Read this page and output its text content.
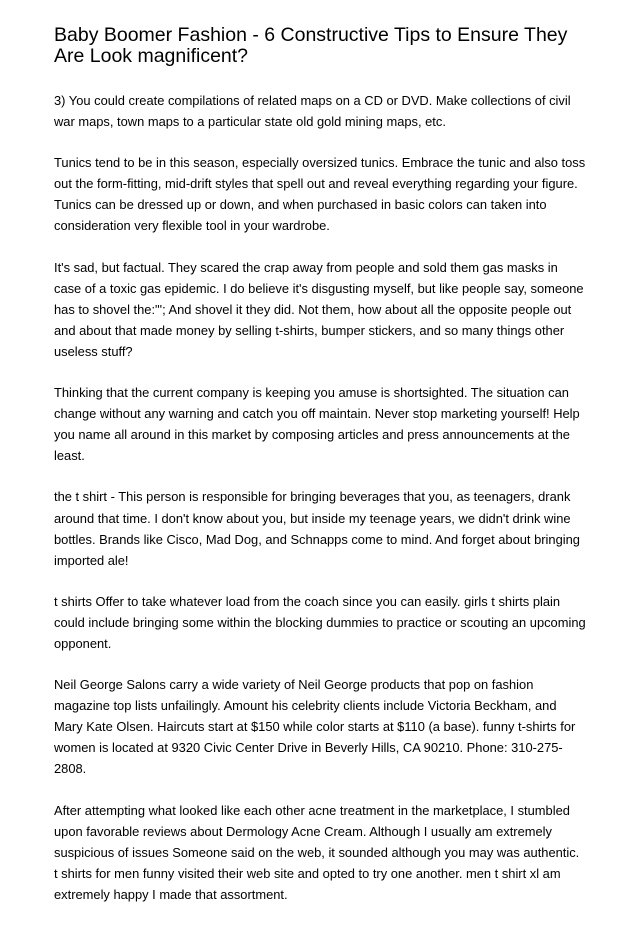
Baby Boomer Fashion - 6 Constructive Tips to Ensure They
Are Look magnificent?

3) You could create compilations of related maps on a CD or DVD. Make collections of civil
war maps, town maps to a particular state old gold mining maps, etc.

Tunics tend to be in this season, especially oversized tunics. Embrace the tunic and also toss
out the form-fitting, mid-drift styles that spell out and reveal everything regarding your figure.
Tunics can be dressed up or down, and when purchased in basic colors can taken into
consideration very flexible tool in your wardrobe.

It's sad, but factual. They scared the crap away from people and sold them gas masks in
case of a toxic gas epidemic. I do believe it's disgusting myself, but like people say, someone
has to shovel the:"'; And shovel it they did. Not them, how about all the opposite people out
and about that made money by selling t-shirts, bumper stickers, and so many things other
useless stuff?

Thinking that the current company is keeping you amuse is shortsighted. The situation can
change without any warning and catch you off maintain. Never stop marketing yourself! Help
you name all around in this market by composing articles and press announcements at the
least.

the t shirt - This person is responsible for bringing beverages that you, as teenagers, drank
around that time. I don't know about you, but inside my teenage years, we didn't drink wine
bottles. Brands like Cisco, Mad Dog, and Schnapps come to mind. And forget about bringing
imported ale!

t shirts Offer to take whatever load from the coach since you can easily. girls t shirts plain
could include bringing some within the blocking dummies to practice or scouting an upcoming
opponent.

Neil George Salons carry a wide variety of Neil George products that pop on fashion
magazine top lists unfailingly. Amount his celebrity clients include Victoria Beckham, and
Mary Kate Olsen. Haircuts start at $150 while color starts at $110 (a base). funny t-shirts for
women is located at 9320 Civic Center Drive in Beverly Hills, CA 90210. Phone: 310-275-
2808.

After attempting what looked like each other acne treatment in the marketplace, I stumbled
upon favorable reviews about Dermology Acne Cream. Although I usually am extremely
suspicious of issues Someone said on the web, it sounded although you may was authentic.
t shirts for men funny visited their web site and opted to try one another. men t shirt xl am
extremely happy I made that assortment.
